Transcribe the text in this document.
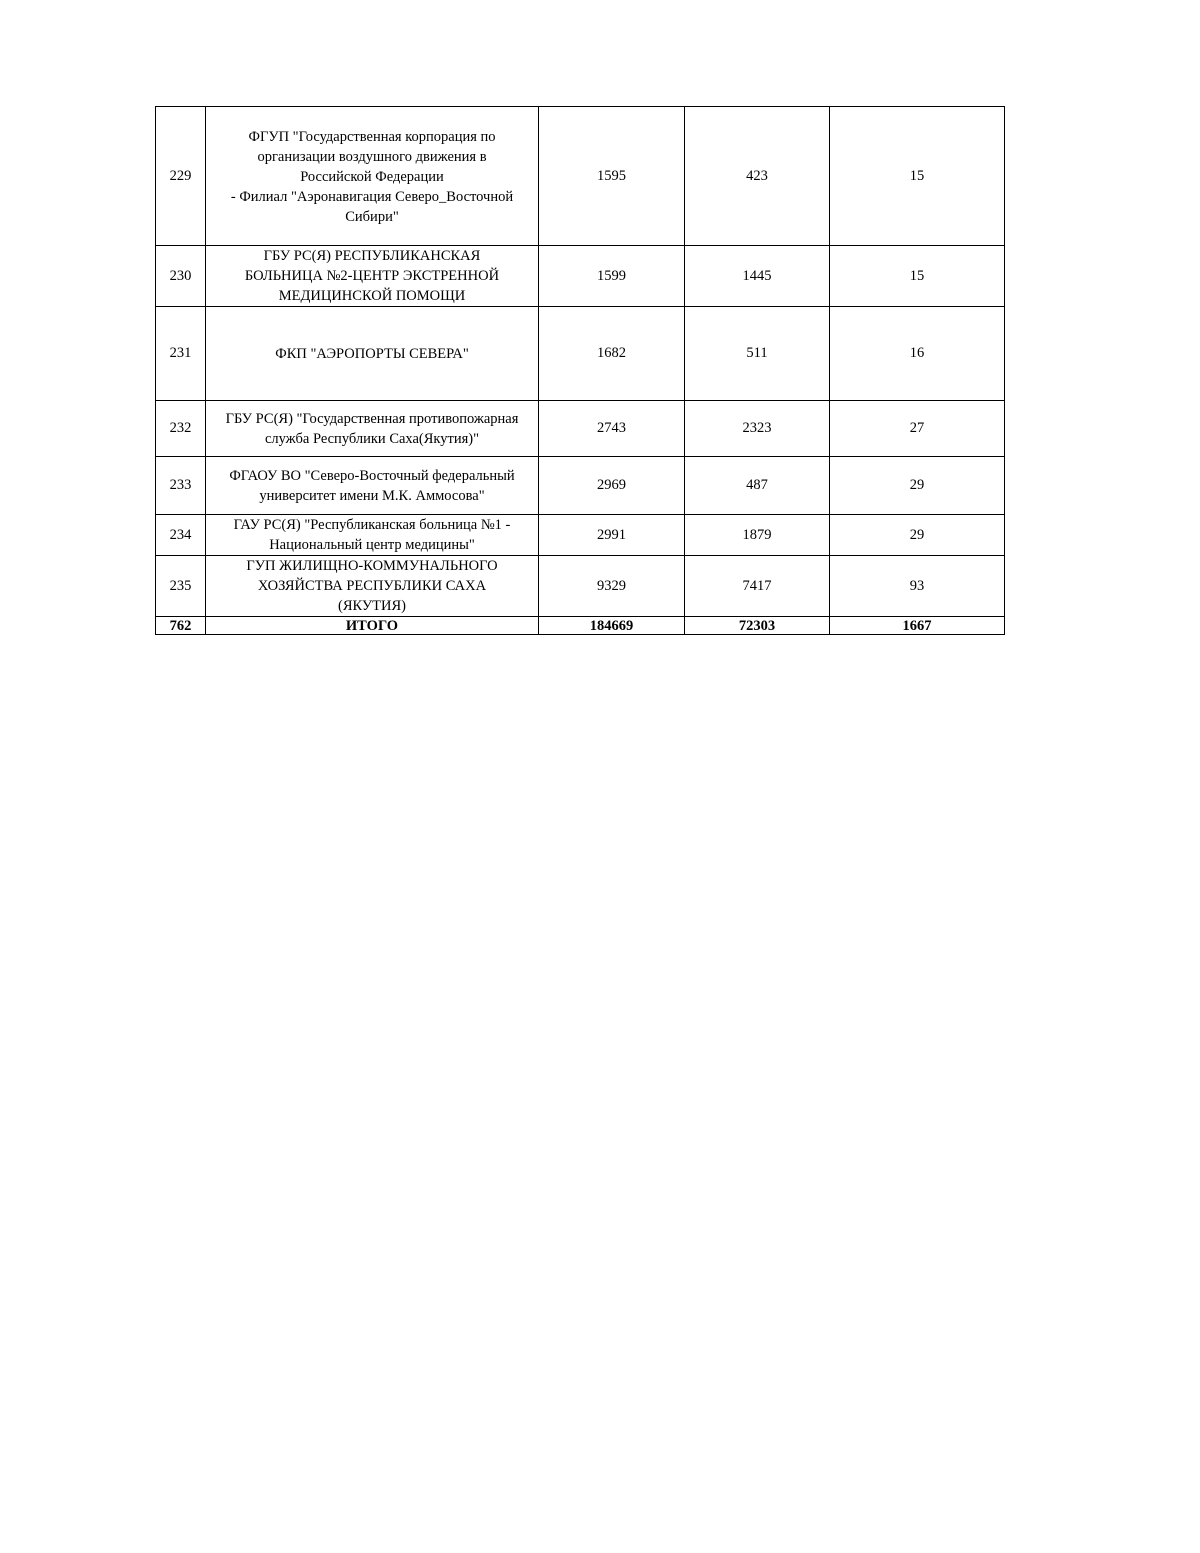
229	ФГУП "Государственная корпорация по
организации воздушного движения в
Российской Федерации
- Филиал "Аэронавигация Северо_Восточной
Сибири"	1595	423	15
230	ГБУ РС(Я) РЕСПУБЛИКАНСКАЯ
БОЛЬНИЦА №2-ЦЕНТР ЭКСТРЕННОЙ
МЕДИЦИНСКОЙ ПОМОЩИ	1599	1445	15
231	ФКП "АЭРОПОРТЫ СЕВЕРА"	1682	511	16
232	ГБУ РС(Я) "Государственная противопожарная
служба Республики Саха(Якутия)"	2743	2323	27
233	ФГАОУ ВО "Северо-Восточный федеральный
университет имени М.К. Аммосова"	2969	487	29
234	ГАУ РС(Я) "Республиканская больница №1 -
Национальный центр медицины"	2991	1879	29
235	ГУП ЖИЛИЩНО-КОММУНАЛЬНОГО
ХОЗЯЙСТВА РЕСПУБЛИКИ САХА
(ЯКУТИЯ)	9329	7417	93
762	ИТОГО	184669	72303	1667
